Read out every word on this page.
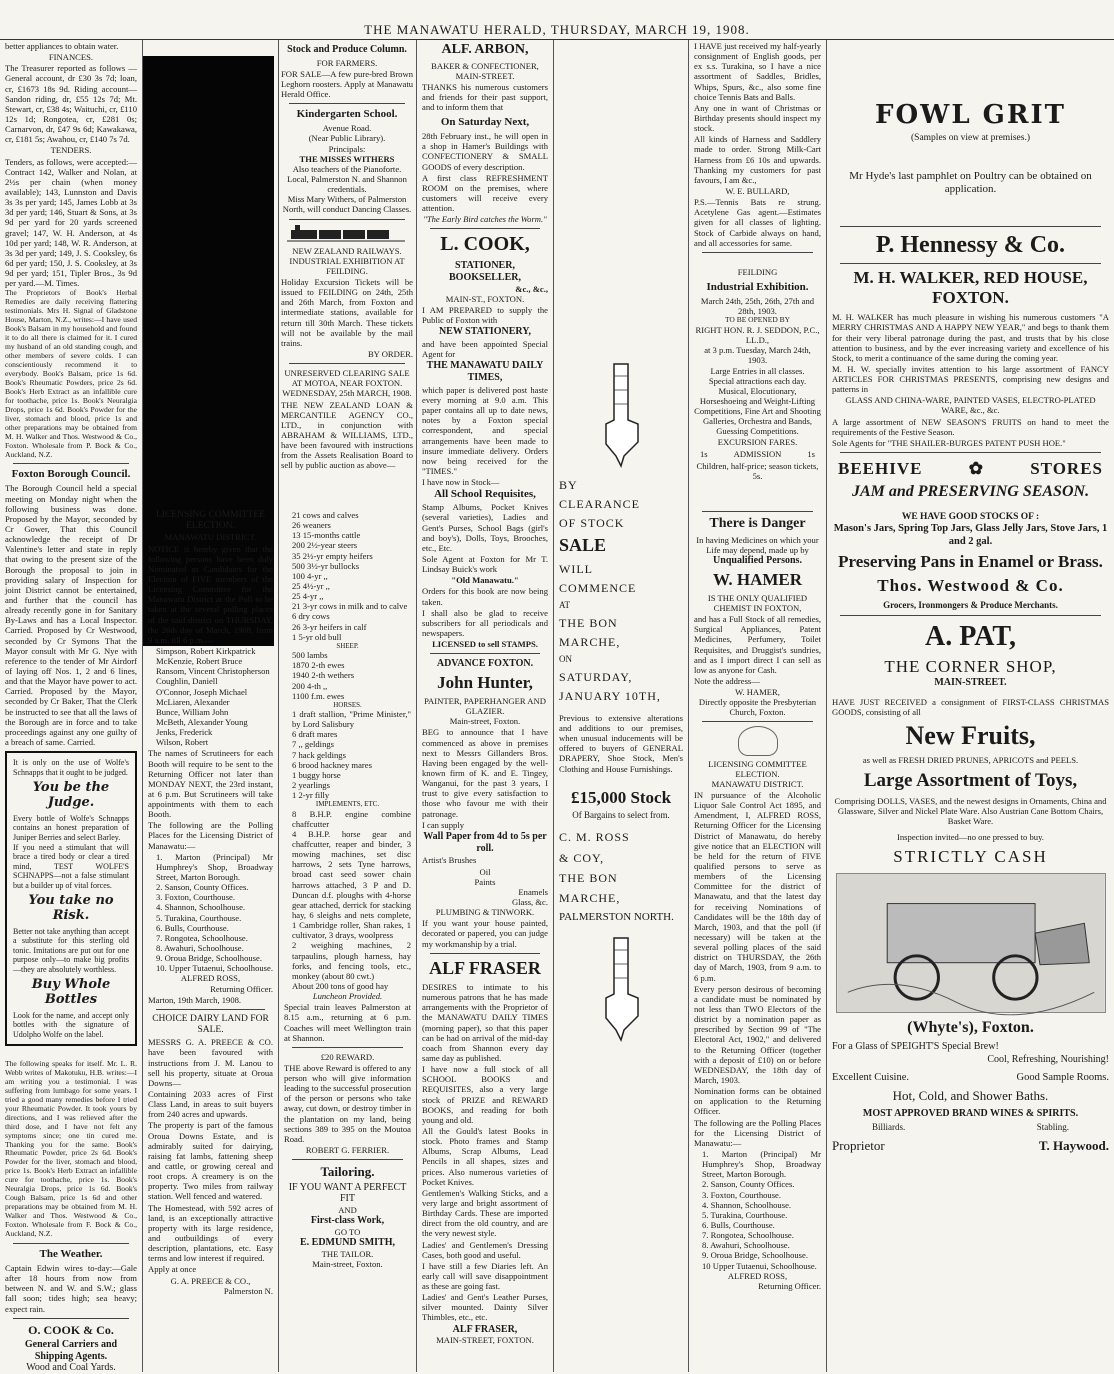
THE MANAWATU HERALD, THURSDAY, MARCH 19, 1908.

better appliances to obtain water.

FINANCES.

The Treasurer reported as follows —General account, dr £30 3s 7d; loan, cr, £1673 18s 9d. Riding account—Sandon riding, dr, £55 12s 7d; Mt. Stewart, cr, £38 4s; Waituchi, cr, £110 12s 1d; Rongotea, cr, £281 0s; Carnarvon, dr, £47 9s 6d; Kawakawa, cr, £181 5s; Awahou, cr, £140 7s 7d.

TENDERS.

Tenders, as follows, were accepted:—Contract 142, Walker and Nolan, at 2½s per chain (when money available); 143, Lunnston and Davis 3s 3s per yard; 145, James Lobb at 3s 3d per yard; 146, Stuart & Sons, at 3s 9d per yard for 20 yards screened gravel; 147, W. H. Anderson, at 4s 10d per yard; 148, W. R. Anderson, at 3s 3d per yard; 149, J. S. Cooksley, 6s 6d per yard; 150, J. S. Cooksley, at 3s 9d per yard; 151, Tipler Bros., 3s 9d per yard.—M. Times.

The Proprietors of Book's Herbal Remedies are daily receiving flattering testimonials. Mrs H. Signal of Gladstone House, Marton, N.Z., writes:—I have used Book's Balsam in my household and found it to do all there is claimed for it. I cured my husband of an old standing cough, and other members of severe colds. I can conscientiously recommend it to everybody. Book's Balsam, price 1s 6d. Book's Rheumatic Powders, price 2s 6d. Book's Herb Extract as an infallible cure for toothache, price 1s. Book's Neuralgia Drops, price 1s 6d. Book's Powder for the liver, stomach and blood, price 1s and other preparations may be obtained from M. H. Walker and Thos. Westwood & Co., Foxton. Wholesale from P. Bock & Co., Auckland, N.Z.

Foxton Borough Council.

The Borough Council held a special meeting on Monday night when the following business was done. Proposed by the Mayor, seconded by Cr Gower, That this Council acknowledge the receipt of Dr Valentine's letter and state in reply that owing to the present size of the Borough the proposal to join in providing salary of Inspection for joint District cannot be entertained, and further that the council has already recently gone in for Sanitary By-Laws and has a Local Inspector. Carried. Proposed by Cr Westwood, seconded by Cr Symons That the Mayor consult with Mr G. Nye with reference to the tender of Mr Airdorf of laying off Nos. 1, 2 and 6 lines, and that the Mayor have power to act. Carried. Proposed by the Mayor, seconded by Cr Baker, That the Clerk be instructed to see that all the laws of the Borough are in force and to take proceedings against any one guilty of a breach of same. Carried.

It is only on the use of Wolfe's Schnapps that it ought to be judged.

You be the Judge.

Every bottle of Wolfe's Schnapps contains an honest preparation of Juniper Berries and select Barley.

If you need a stimulant that will brace a tired body or clear a tired mind, TEST WOLFE'S SCHNAPPS—not a false stimulant but a builder up of vital forces.

You take no Risk.

Better not take anything than accept a substitute for this sterling old tonic. Imitations are put out for one purpose only—to make big profits—they are absolutely worthless.

Buy Whole Bottles

Look for the name, and accept only bottles with the signature of Udolpho Wolfe on the label.

The following speaks for itself. Mr. L. R. Webb writes of Makotuku, H.B. writes:—I am writing you a testimonial. I was suffering from lumbago for some years. I tried a good many remedies before I tried your Rheumatic Powder. It took yours by directions, and I was relieved after the third dose, and I have not felt any symptoms since; one tin cured me. Thanking you for the same. Book's Rheumatic Powder, price 2s 6d. Book's Powder for the liver, stomach and blood, price 1s. Book's Herb Extract an infallible cure for toothache, price 1s. Book's Neuralgia Drops, price 1s 6d. Book's Cough Balsam, price 1s 6d and other preparations may be obtained from M. H. Walker and Thos. Westwood & Co., Foxton. Wholesale from F. Bock & Co., Auckland, N.Z.

The Weather.

Captain Edwin wires to-day:—Gale after 18 hours from now from between N. and W. and S.W.; glass fall soon; tides high; sea heavy; expect rain.

O. COOK & Co.

General Carriers and Shipping Agents.

Wood and Coal Yards.

Stock and Produce Column.

FOR FARMERS.

FOR SALE—A few pure-bred Brown Leghorn roosters. Apply at Manawatu Herald Office.

Kindergarten School.

Avenue Road.

(Near Public Library).

Principals:

THE MISSES WITHERS

Also teachers of the Pianoforte.

Local, Palmerston N. and Shannon credentials.

Miss Mary Withers, of Palmerston North, will conduct Dancing Classes.

NEW ZEALAND RAILWAYS.

INDUSTRIAL EXHIBITION AT FEILDING.

Holiday Excursion Tickets will be issued to FEILDING on 24th, 25th and 26th March, from Foxton and intermediate stations, available for return till 30th March. These tickets will not be available by the mail trains.

BY ORDER.

UNRESERVED CLEARING SALE AT MOTOA, NEAR FOXTON.

WEDNESDAY, 25th MARCH, 1908.

THE NEW ZEALAND LOAN & MERCANTILE AGENCY CO., LTD., in conjunction with ABRAHAM & WILLIAMS, LTD., have been favoured with instructions from the Assets Realisation Board to sell by public auction as above—

LICENSING COMMITTEE ELECTION.

MANAWATU DISTRICT.

NOTICE is hereby given that the following persons have been duly Nominated as Candidates for the Election of FIVE members of the Licensing Committee for the Manawatu District at the Poll to be taken at the several polling places of the said district on THURSDAY, the 26th day of March, 1908, from 9 a.m. till 6 p.m.—

Simpson, Robert Kirkpatrick

McKenzie, Robert Bruce

Ransom, Vincent Christopherson

Coughlin, Daniell

O'Connor, Joseph Michael

McLiaren, Alexander

Bunce, William John

McBeth, Alexander Young

Jenks, Frederick

Wilson, Robert

The names of Scrutineers for each Booth will require to be sent to the Returning Officer not later than MONDAY NEXT, the 23rd instant, at 6 p.m. But Scrutineers will take appointments with them to each Booth.

The following are the Polling Places for the Licensing District of Manawatu:—

1. Marton (Principal) Mr Humphrey's Shop, Broadway Street, Marton Borough.

2. Sanson, County Offices.

3. Foxton, Courthouse.

4. Shannon, Schoolhouse.

5. Turakina, Courthouse.

6. Bulls, Courthouse.

7. Rongotea, Schoolhouse.

8. Awahuri, Schoolhouse.

9. Oroua Bridge, Schoolhouse.

10. Upper Tutaenui, Schoolhouse.

ALFRED ROSS,

Returning Officer.

Marton, 19th March, 1908.

CHOICE DAIRY LAND FOR SALE.

MESSRS G. A. PREECE & CO. have been favoured with instructions from J. M. Lanou to sell his property, situate at Oroua Downs—

Containing 2033 acres of First Class Land, in areas to suit buyers from 240 acres and upwards.

The property is part of the famous Oroua Downs Estate, and is admirably suited for dairying, raising fat lambs, fattening sheep and cattle, or growing cereal and root crops. A creamery is on the property. Two miles from railway station. Well fenced and watered.

The Homestead, with 592 acres of land, is an exceptionally attractive property with its large residence, and outbuildings of every description, plantations, etc. Easy terms and low interest if required.

Apply at once

G. A. PREECE & CO.,

Palmerston N.

21 cows and calves

26 weaners

13 15-months cattle

200 2½-year steers

35 2½-yr empty heifers

500 3½-yr bullocks

100 4-yr ,,

25 4½-yr ,,

25 4-yr ,,

21 3-yr cows in milk and to calve

6 dry cows

26 3-yr heifers in calf

1 5-yr old bull

SHEEP.

500 lambs

1870 2-th ewes

1940 2-th wethers

200 4-th ,,

1100 f.m. ewes

HORSES.

1 draft stallion, "Prime Minister," by Lord Salisbury

6 draft mares

7 ,, geldings

7 hack geldings

6 brood hackney mares

1 buggy horse

2 yearlings

1 2-yr filly

IMPLEMENTS, ETC.

8 B.H.P. engine combine chaffcutter

4 B.H.P. horse gear and chaffcutter, reaper and binder, 3 mowing machines, set disc harrows, 2 sets Tyne harrows, broad cast seed sower chain harrows attached, 3 P and D. Duncan d.f. ploughs with 4-horse gear attached, derrick for stacking hay, 6 sleighs and nets complete, 1 Cambridge roller, Shan rakes, 1 cultivator, 3 drays, woolpress

2 weighing machines, 2 tarpaulins, plough harness, hay forks, and fencing tools, etc., monkey (about 80 cwt.)

About 200 tons of good hay

Luncheon Provided.

Special train leaves Palmerston at 8.15 a.m., returning at 6 p.m. Coaches will meet Wellington train at Shannon.

£20 REWARD.

THE above Reward is offered to any person who will give information leading to the successful prosecution of the person or persons who take away, cut down, or destroy timber in the plantation on my land, being sections 389 to 395 on the Moutoa Road.

ROBERT G. FERRIER.

Tailoring.

IF YOU WANT A PERFECT FIT

AND

First-class Work,

GO TO

E. EDMUND SMITH,

THE TAILOR.

Main-street, Foxton.

ALF. ARBON,

BAKER & CONFECTIONER, MAIN-STREET.

THANKS his numerous customers and friends for their past support, and to inform them that

On Saturday Next,

28th February inst., he will open in a shop in Hamer's Buildings with CONFECTIONERY & SMALL GOODS of every description.

A first class REFRESHMENT ROOM on the premises, where customers will receive every attention.

"The Early Bird catches the Worm."

L. COOK,

STATIONER,

BOOKSELLER,

&c., &c.,

MAIN-ST., FOXTON.

I AM PREPARED to supply the Public of Foxton with

NEW STATIONERY,

and have been appointed Special Agent for

THE MANAWATU DAILY TIMES,

which paper is delivered post haste every morning at 9.0 a.m. This paper contains all up to date news, notes by a Foxton special correspondent, and special arrangements have been made to insure immediate delivery. Orders now being received for the "TIMES."

I have now in Stock—

All School Requisites,

Stamp Albums, Pocket Knives (several varieties), Ladies and Gent's Purses, School Bags (girl's and boy's), Dolls, Toys, Brooches, etc., Etc.

Sole Agent at Foxton for Mr T. Lindsay Buick's work

"Old Manawatu."

Orders for this book are now being taken.

I shall also be glad to receive subscribers for all periodicals and newspapers.

LICENSED to sell STAMPS.

ADVANCE FOXTON.

John Hunter,

PAINTER, PAPERHANGER AND GLAZIER.

Main-street, Foxton.

BEG to announce that I have commenced as above in premises next to Messrs Gillanders Bros. Having been engaged by the well-known firm of K. and E. Tingey, Wanganui, for the past 3 years, I trust to give every satisfaction to those who favour me with their patronage.

I can supply

Wall Paper from 4d to 5s per roll.

Artist's Brushes

Oil

Paints

Enamels

Glass, &c.

PLUMBING & TINWORK.

If you want your house painted, decorated or papered, you can judge my workmanship by a trial.

ALF FRASER

DESIRES to intimate to his numerous patrons that he has made arrangements with the Proprietor of the MANAWATU DAILY TIMES (morning paper), so that this paper can be had on arrival of the mid-day coach from Shannon every day same day as published.

I have now a full stock of all SCHOOL BOOKS and REQUISITES, also a very large stock of PRIZE and REWARD BOOKS, and reading for both young and old.

All the Gould's latest Books in stock. Photo frames and Stamp Albums, Scrap Albums, Lead Pencils in all shapes, sizes and prices. Also numerous varieties of Pocket Knives.

Gentlemen's Walking Sticks, and a very large and bright assortment of Birthday Cards. These are imported direct from the old country, and are the very newest style.

Ladies' and Gentlemen's Dressing Cases, both good and useful.

I have still a few Diaries left. An early call will save disappointment as these are going fast.

Ladies' and Gent's Leather Purses, silver mounted. Dainty Silver Thimbles, etc., etc.

ALF FRASER,

MAIN-STREET, FOXTON.

BY

CLEARANCE

OF STOCK

SALE

WILL

COMMENCE

AT

THE BON

MARCHE,

ON

SATURDAY,

JANUARY 10TH,

Previous to extensive alterations and additions to our premises, when unusual inducements will be offered to buyers of GENERAL DRAPERY, Shoe Stock, Men's Clothing and House Furnishings.

£15,000 Stock

Of Bargains to select from.

C. M. ROSS

& COY,

THE BON

MARCHE,

PALMERSTON NORTH.

I HAVE just received my half-yearly consignment of English goods, per ex s.s. Turakina, so I have a nice assortment of Saddles, Bridles, Whips, Spurs, &c., also some fine choice Tennis Bats and Balls.

Any one in want of Christmas or Birthday presents should inspect my stock.

All kinds of Harness and Saddlery made to order. Strong Milk-Cart Harness from £6 10s and upwards. Thanking my customers for past favours, I am &c.,

W. E. BULLARD,

P.S.—Tennis Bats re strung. Acetylene Gas agent.—Estimates given for all classes of lighting. Stock of Carbide always on hand, and all accessories for same.

FEILDING

Industrial Exhibition.

March 24th, 25th, 26th, 27th and 28th, 1903.

TO BE OPENED BY

RIGHT HON. R. J. SEDDON, P.C., LL.D.,

at 3 p.m. Tuesday, March 24th, 1903.

Large Entries in all classes.

Special attractions each day.

Musical, Elocutionary, Horseshoeing and Weight-Lifting Competitions, Fine Art and Shooting Galleries, Orchestra and Bands, Guessing Competitions.

EXCURSION FARES.

1s	ADMISSION	1s

Children, half-price; season tickets, 5s.

There is Danger

In having Medicines on which your Life may depend, made up by

Unqualified Persons.

W. HAMER

IS THE ONLY QUALIFIED CHEMIST IN FOXTON,

and has a Full Stock of all remedies, Surgical Appliances, Patent Medicines, Perfumery, Toilet Requisites, and Druggist's sundries, and as I import direct I can sell as low as anyone for Cash.

Note the address—

W. HAMER,

Directly opposite the Presbyterian Church, Foxton.

LICENSING COMMITTEE ELECTION.

MANAWATU DISTRICT.

IN pursuance of the Alcoholic Liquor Sale Control Act 1895, and Amendment, I, ALFRED ROSS, Returning Officer for the Licensing District of Manawatu, do hereby give notice that an ELECTION will be held for the return of FIVE qualified persons to serve as members of the Licensing Committee for the district of Manawatu, and that the latest day for receiving Nominations of Candidates will be the 18th day of March, 1903, and that the poll (if necessary) will be taken at the several polling places of the said district on THURSDAY, the 26th day of March, 1903, from 9 a.m. to 6 p.m.

Every person desirous of becoming a candidate must be nominated by not less than TWO Electors of the district by a nomination paper as prescribed by Section 99 of "The Electoral Act, 1902," and delivered to the Returning Officer (together with a deposit of £10) on or before WEDNESDAY, the 18th day of March, 1903.

Nomination forms can be obtained on application to the Returning Officer.

The following are the Polling Places for the Licensing District of Manawatu:—

1. Marton (Principal) Mr Humphrey's Shop, Broadway Street, Marton Borough.

2. Sanson, County Offices.

3. Foxton, Courthouse.

4. Shannon, Schoolhouse.

5. Turakina, Courthouse.

6. Bulls, Courthouse.

7. Rongotea, Schoolhouse.

8. Awahuri, Schoolhouse.

9. Oroua Bridge, Schoolhouse.

10 Upper Tutaenui, Schoolhouse.

ALFRED ROSS,

Returning Officer.

FOWL GRIT

(Samples on view at premises.)

Mr Hyde's last pamphlet on Poultry can be obtained on application.

P. Hennessy & Co.

M. H. WALKER, RED HOUSE, FOXTON.

M. H. WALKER has much pleasure in wishing his numerous customers "A MERRY CHRISTMAS AND A HAPPY NEW YEAR," and begs to thank them for their very liberal patronage during the past, and trusts that by his close attention to business, and by the ever increasing variety and excellence of his Stock, to merit a continuance of the same during the coming year.

M. H. W. specially invites attention to his large assortment of FANCY ARTICLES FOR CHRISTMAS PRESENTS, comprising new designs and patterns in

GLASS AND CHINA-WARE, PAINTED VASES, ELECTRO-PLATED WARE, &c., &c.

A large assortment of NEW SEASON'S FRUITS on hand to meet the requirements of the Festive Season.

Sole Agents for "THE SHAILER-BURGES PATENT PUSH HOE."

BEEHIVE	✿	STORES

JAM and PRESERVING SEASON.

WE HAVE GOOD STOCKS OF :

Mason's Jars, Spring Top Jars, Glass Jelly Jars, Stove Jars, 1 and 2 gal.

Preserving Pans in Enamel or Brass.

Thos. Westwood & Co.

Grocers, Ironmongers & Produce Merchants.

A. PAT,

THE CORNER SHOP,

MAIN-STREET.

HAVE JUST RECEIVED a consignment of FIRST-CLASS CHRISTMAS GOODS, consisting of all

New Fruits,

as well as FRESH DRIED PRUNES, APRICOTS and PEELS.

Large Assortment of Toys,

Comprising DOLLS, VASES, and the newest designs in Ornaments, China and Glassware, Silver and Nickel Plate Ware. Also Austrian Cane Bottom Chairs, Basket Ware.

Inspection invited—no one pressed to buy.

STRICTLY CASH

(Whyte's), Foxton.

For a Glass of SPEIGHT'S Special Brew!

Cool, Refreshing, Nourishing!

Excellent Cuisine.	Good Sample Rooms.

Hot, Cold, and Shower Baths.

MOST APPROVED BRAND WINES & SPIRITS.

Billiards.	Stabling.
Proprietor	T. Haywood.
